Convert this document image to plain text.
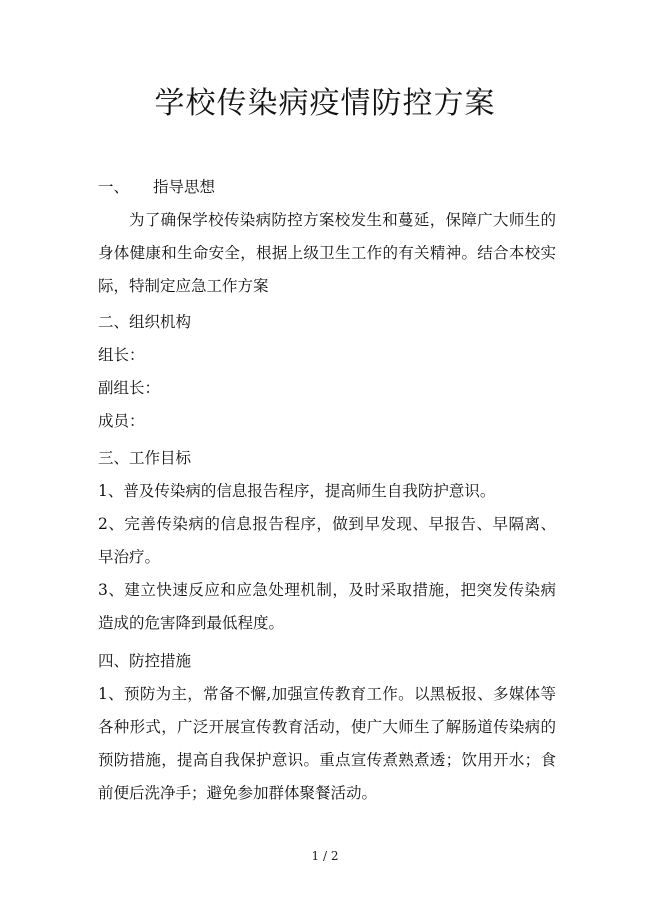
学校传染病疫情防控方案
一、 指导思想
为了确保学校传染病防控方案校发生和蔓延，保障广大师生的身体健康和生命安全，根据上级卫生工作的有关精神。结合本校实际，特制定应急工作方案
二、组织机构
组长：
副组长：
成员：
三、工作目标
1、普及传染病的信息报告程序，提高师生自我防护意识。
2、完善传染病的信息报告程序，做到早发现、早报告、早隔离、早治疗。
3、建立快速反应和应急处理机制，及时采取措施，把突发传染病造成的危害降到最低程度。
四、防控措施
1、预防为主，常备不懈,加强宣传教育工作。以黑板报、多媒体等各种形式，广泛开展宣传教育活动，使广大师生了解肠道传染病的预防措施，提高自我保护意识。重点宣传煮熟煮透；饮用开水；食前便后洗净手；避免参加群体聚餐活动。
1 / 2
